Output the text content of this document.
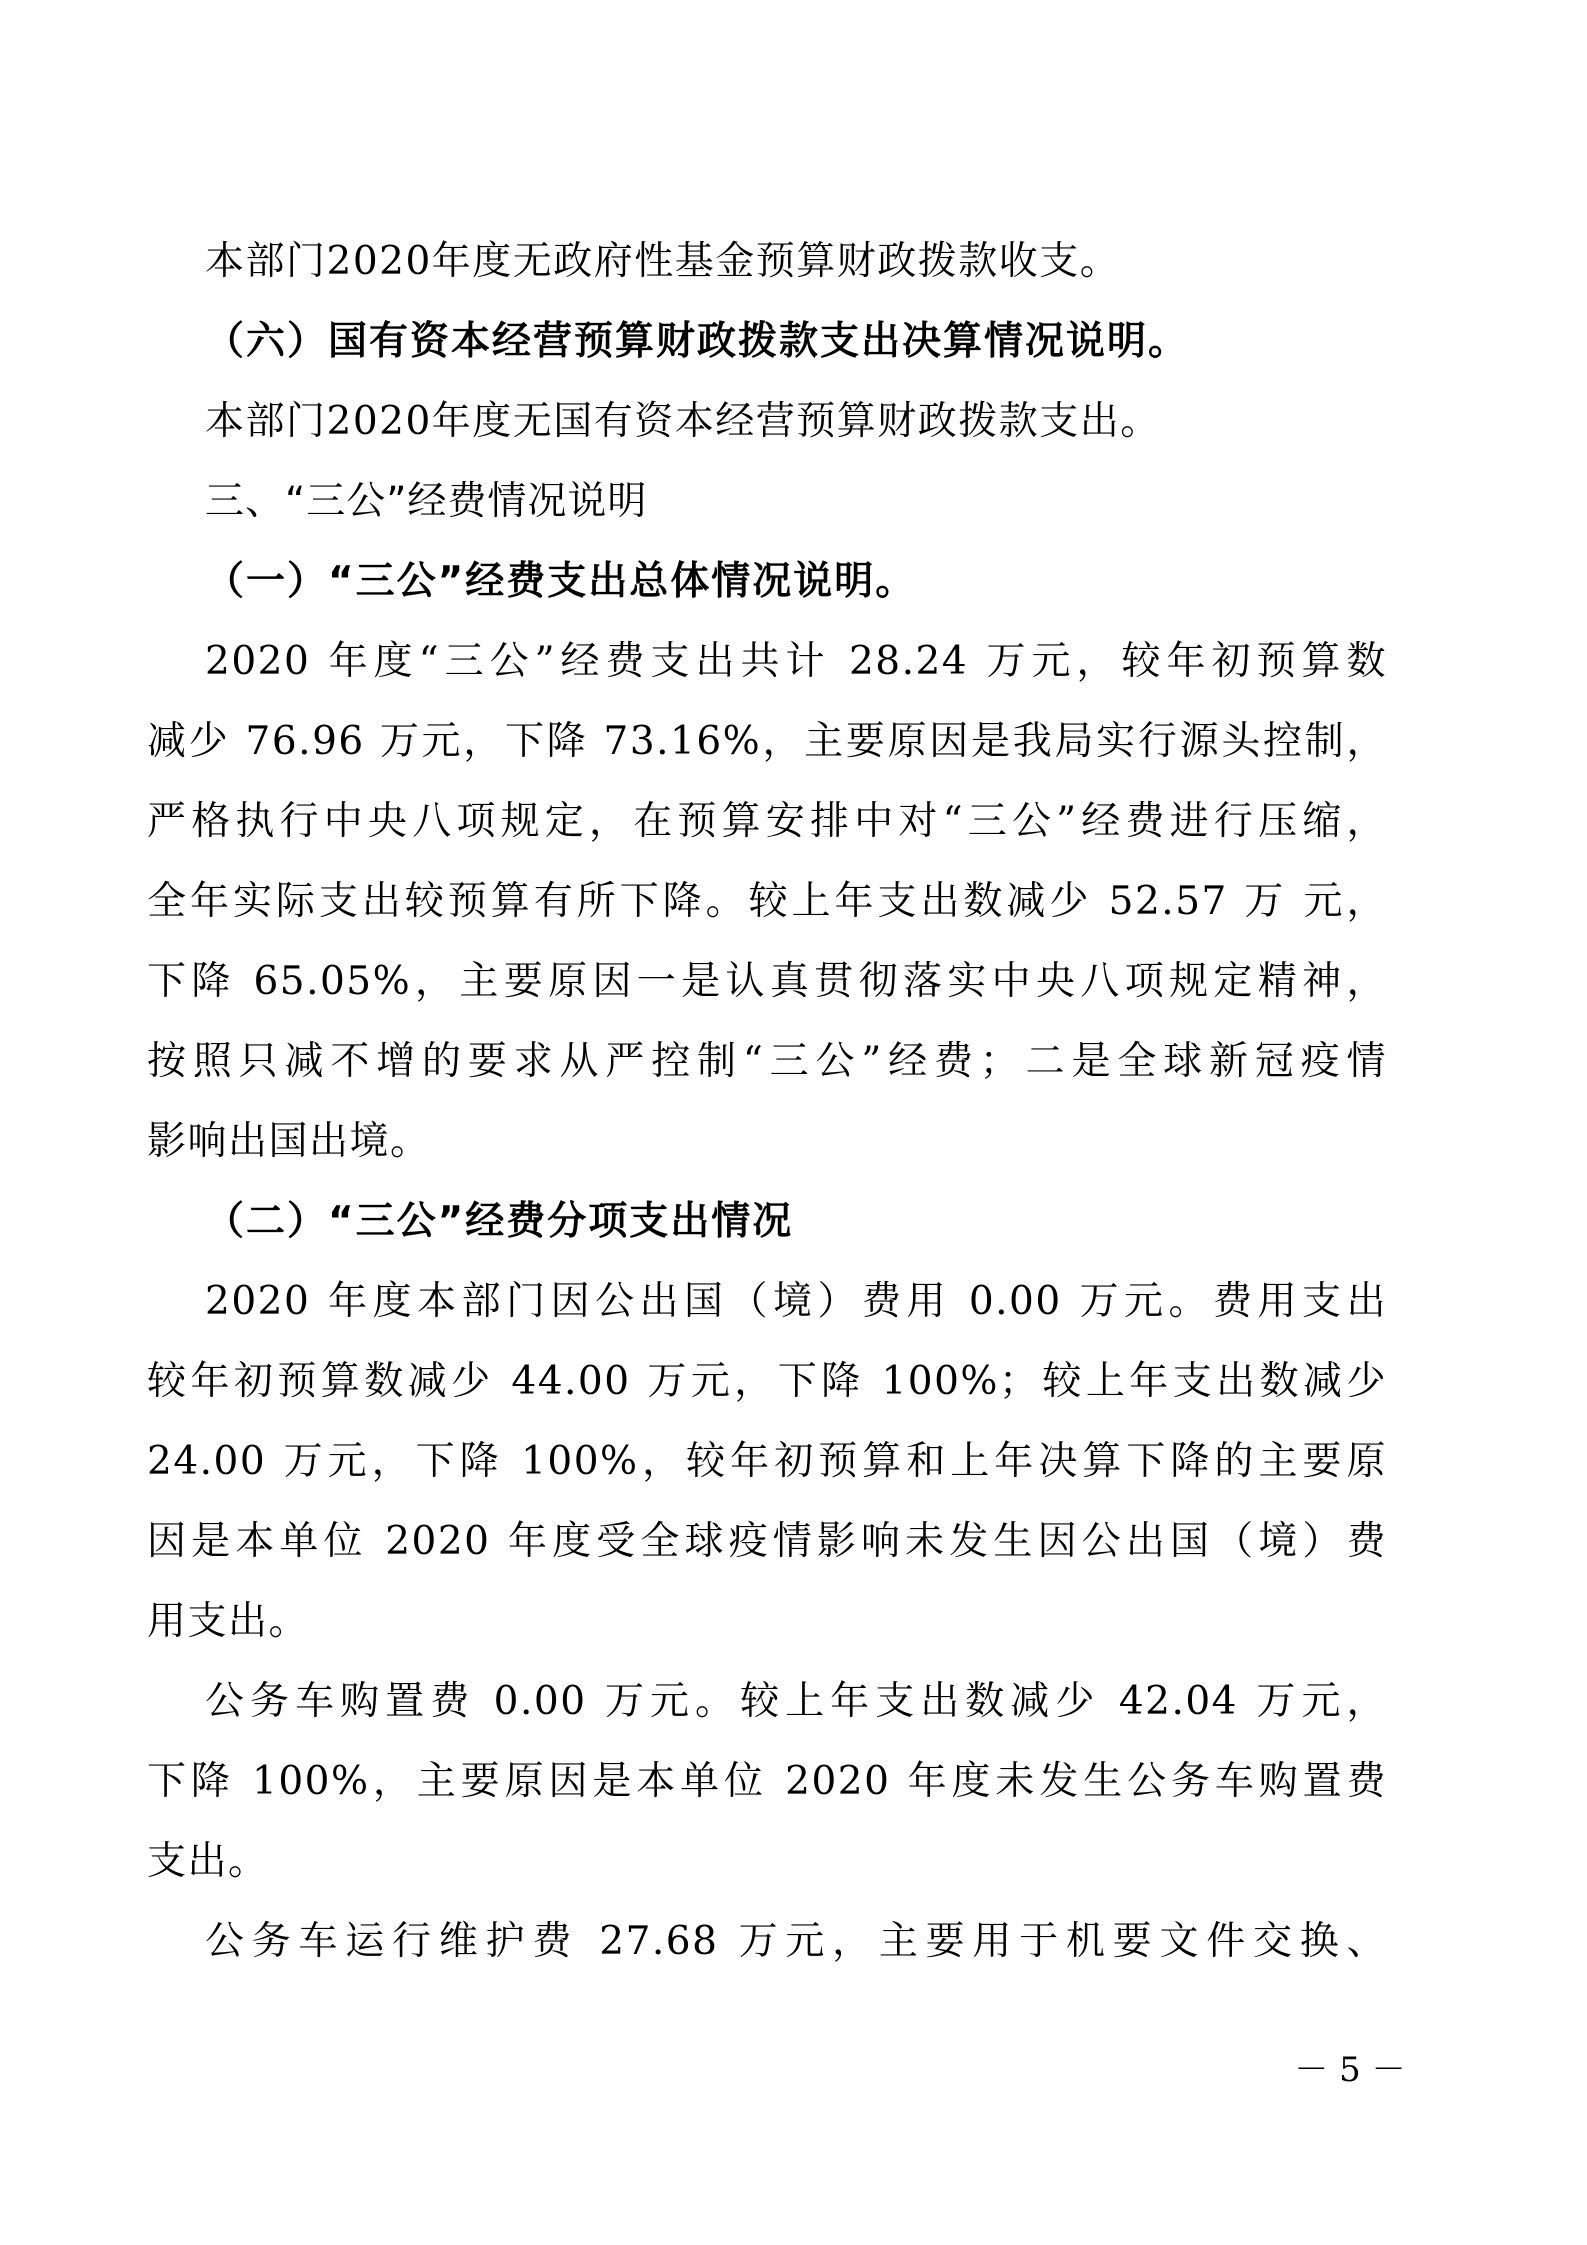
本部门2020年度无政府性基金预算财政拨款收支。
（六）国有资本经营预算财政拨款支出决算情况说明。
本部门2020年度无国有资本经营预算财政拨款支出。
三、“三公”经费情况说明
（一）“三公”经费支出总体情况说明。
2020 年度“三公”经费支出共计 28.24 万元，较年初预算数
减少 76.96 万元，下降 73.16%，主要原因是我局实行源头控制，
严格执行中央八项规定，在预算安排中对“三公”经费进行压缩，
全年实际支出较预算有所下降。较上年支出数减少 52.57 万 元，
下降 65.05%，主要原因一是认真贯彻落实中央八项规定精神，
按照只减不增的要求从严控制“三公”经费；二是全球新冠疫情
影响出国出境。
（二）“三公”经费分项支出情况
2020 年度本部门因公出国（境）费用 0.00 万元。费用支出
较年初预算数减少 44.00 万元，下降 100%；较上年支出数减少
24.00 万元，下降 100%，较年初预算和上年决算下降的主要原
因是本单位 2020 年度受全球疫情影响未发生因公出国（境）费
用支出。
公务车购置费 0.00 万元。较上年支出数减少 42.04 万元，
下降 100%，主要原因是本单位 2020 年度未发生公务车购置费
支出。
公务车运行维护费 27.68 万元，主要用于机要文件交换、
－ 5 －
